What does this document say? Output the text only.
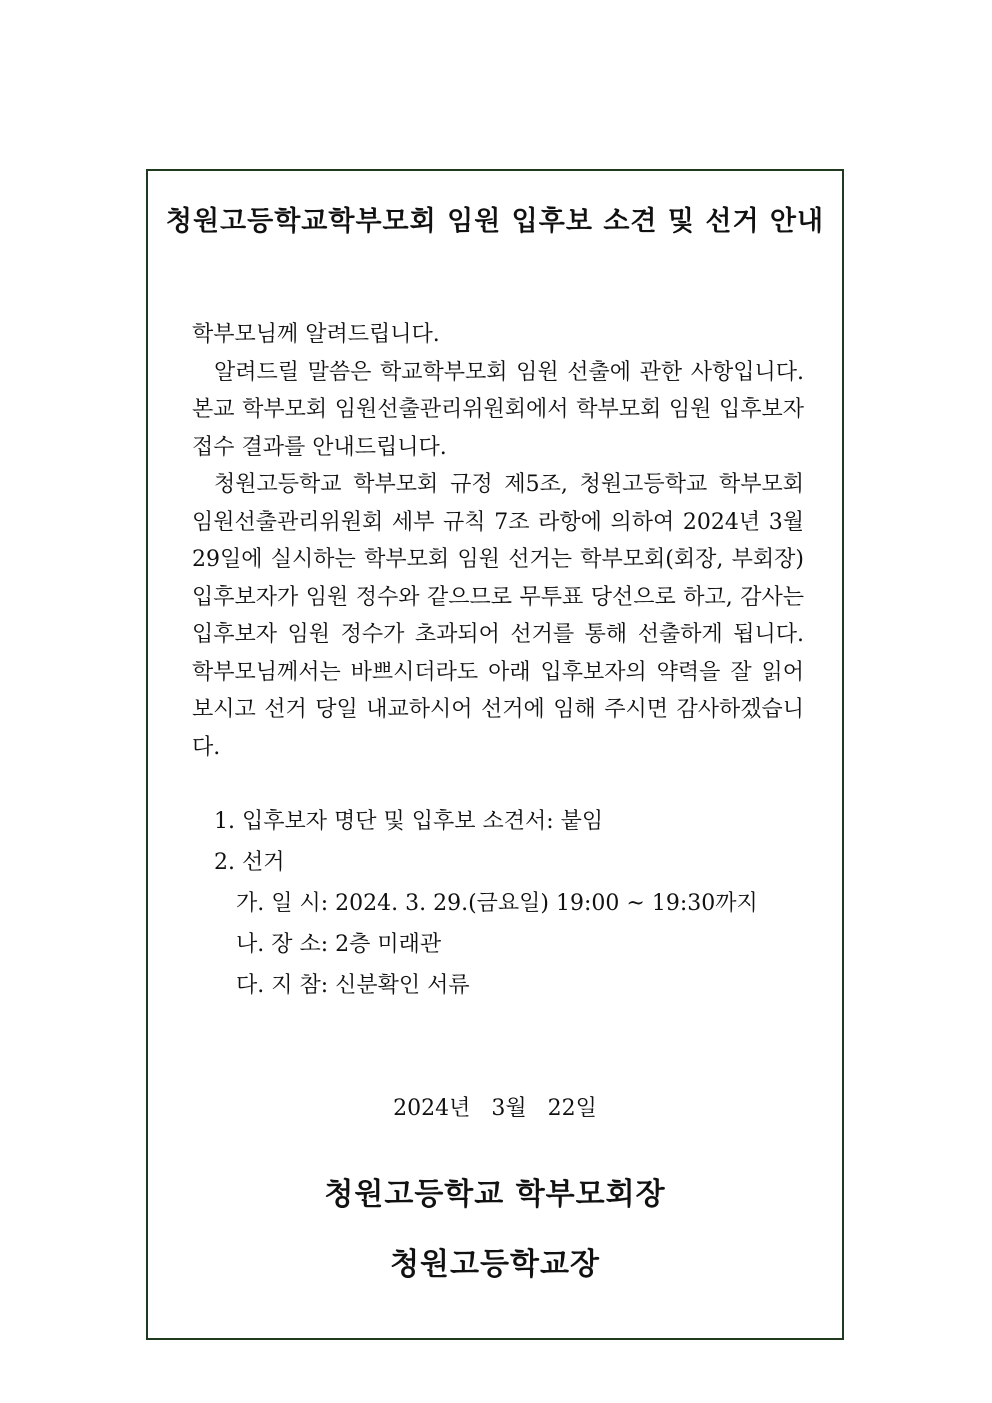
청원고등학교학부모회 임원 입후보 소견 및 선거 안내

학부모님께 알려드립니다.

알려드릴 말씀은 학교학부모회 임원 선출에 관한 사항입니다. 본교 학부모회 임원선출관리위원회에서 학부모회 임원 입후보자 접수 결과를 안내드립니다.

청원고등학교 학부모회 규정 제5조, 청원고등학교 학부모회 임원선출관리위원회 세부 규칙 7조 라항에 의하여 2024년 3월 29일에 실시하는 학부모회 임원 선거는 학부모회(회장, 부회장) 입후보자가 임원 정수와 같으므로 무투표 당선으로 하고, 감사는 입후보자 임원 정수가 초과되어 선거를 통해 선출하게 됩니다. 학부모님께서는 바쁘시더라도 아래 입후보자의 약력을 잘 읽어보시고 선거 당일 내교하시어 선거에 임해 주시면 감사하겠습니다.

1. 입후보자 명단 및 입후보 소견서: 붙임
2. 선거
가. 일 시: 2024. 3. 29.(금요일) 19:00 ~ 19:30까지
나. 장 소: 2층 미래관
다. 지 참: 신분확인 서류
2024년   3월   22일
청원고등학교 학부모회장
청원고등학교장
